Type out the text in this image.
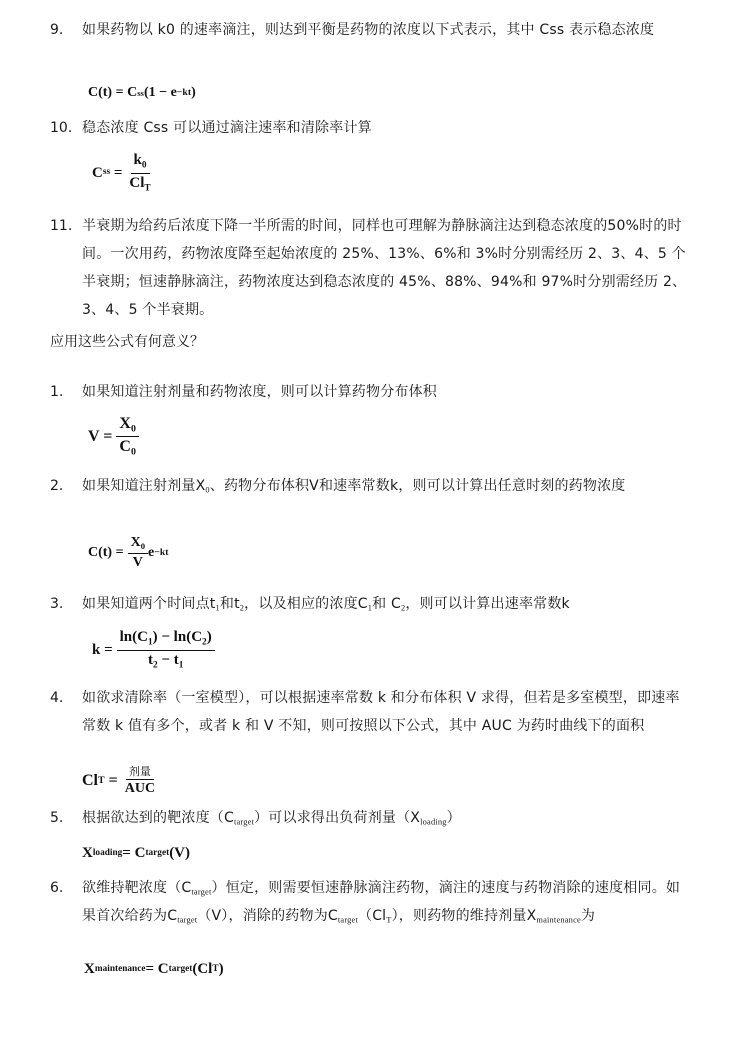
9. 如果药物以 k0 的速率滴注，则达到平衡是药物的浓度以下式表示，其中 Css 表示稳态浓度
C(t) = C ss (1 − e −kt )
10. 稳态浓度 Css 可以通过滴注速率和清除率计算
C ss
= $\frac{k_0}{Cl_T}$
11. 半衰期为给药后浓度下降一半所需的时间，同样也可理解为静脉滴注达到稳态浓度的50%时的时间。一次用药，药物浓度降至起始浓度的 25%、13%、6%和 3%时分别需经历 2、3、4、5 个半衰期；恒速静脉滴注，药物浓度达到稳态浓度的 45%、88%、94%和 97%时分别需经历 2、3、4、5 个半衰期。
应用这些公式有何意义？
1. 如果知道注射剂量和药物浓度，则可以计算药物分布体积
$V = \frac{X_0}{C_0}$
2. 如果知道注射剂量X0、药物分布体积V和速率常数k，则可以计算出任意时刻的药物浓度
$C(t) = \frac{X_0}{V}$ e −kt
3. 如果知道两个时间点t1和t2，以及相应的浓度C1和 C2，则可以计算出速率常数k
$k = \frac{\ln(C_1) - \ln(C_2)}{t_2 - t_1}$
4. 如欲求清除率（一室模型），可以根据速率常数 k 和分布体积 V 求得，但若是多室模型，即速率常数 k 值有多个，或者 k 和 V 不知，则可按照以下公式，其中 AUC 为药时曲线下的面积
Cl T
= $\frac{\text{剂量}}{\text{AUC}}$
5. 根据欲达到的靶浓度（Ctarget）可以求得出负荷剂量（Xloading）
X loading = C target (V)
6. 欲维持靶浓度（Ctarget）恒定，则需要恒速静脉滴注药物，滴注的速度与药物消除的速度相同。如果首次给药为Ctarget（V），消除的药物为Ctarget（ClT），则药物的维持剂量Xmaintenance为
X maintenance = C target (Cl T )
